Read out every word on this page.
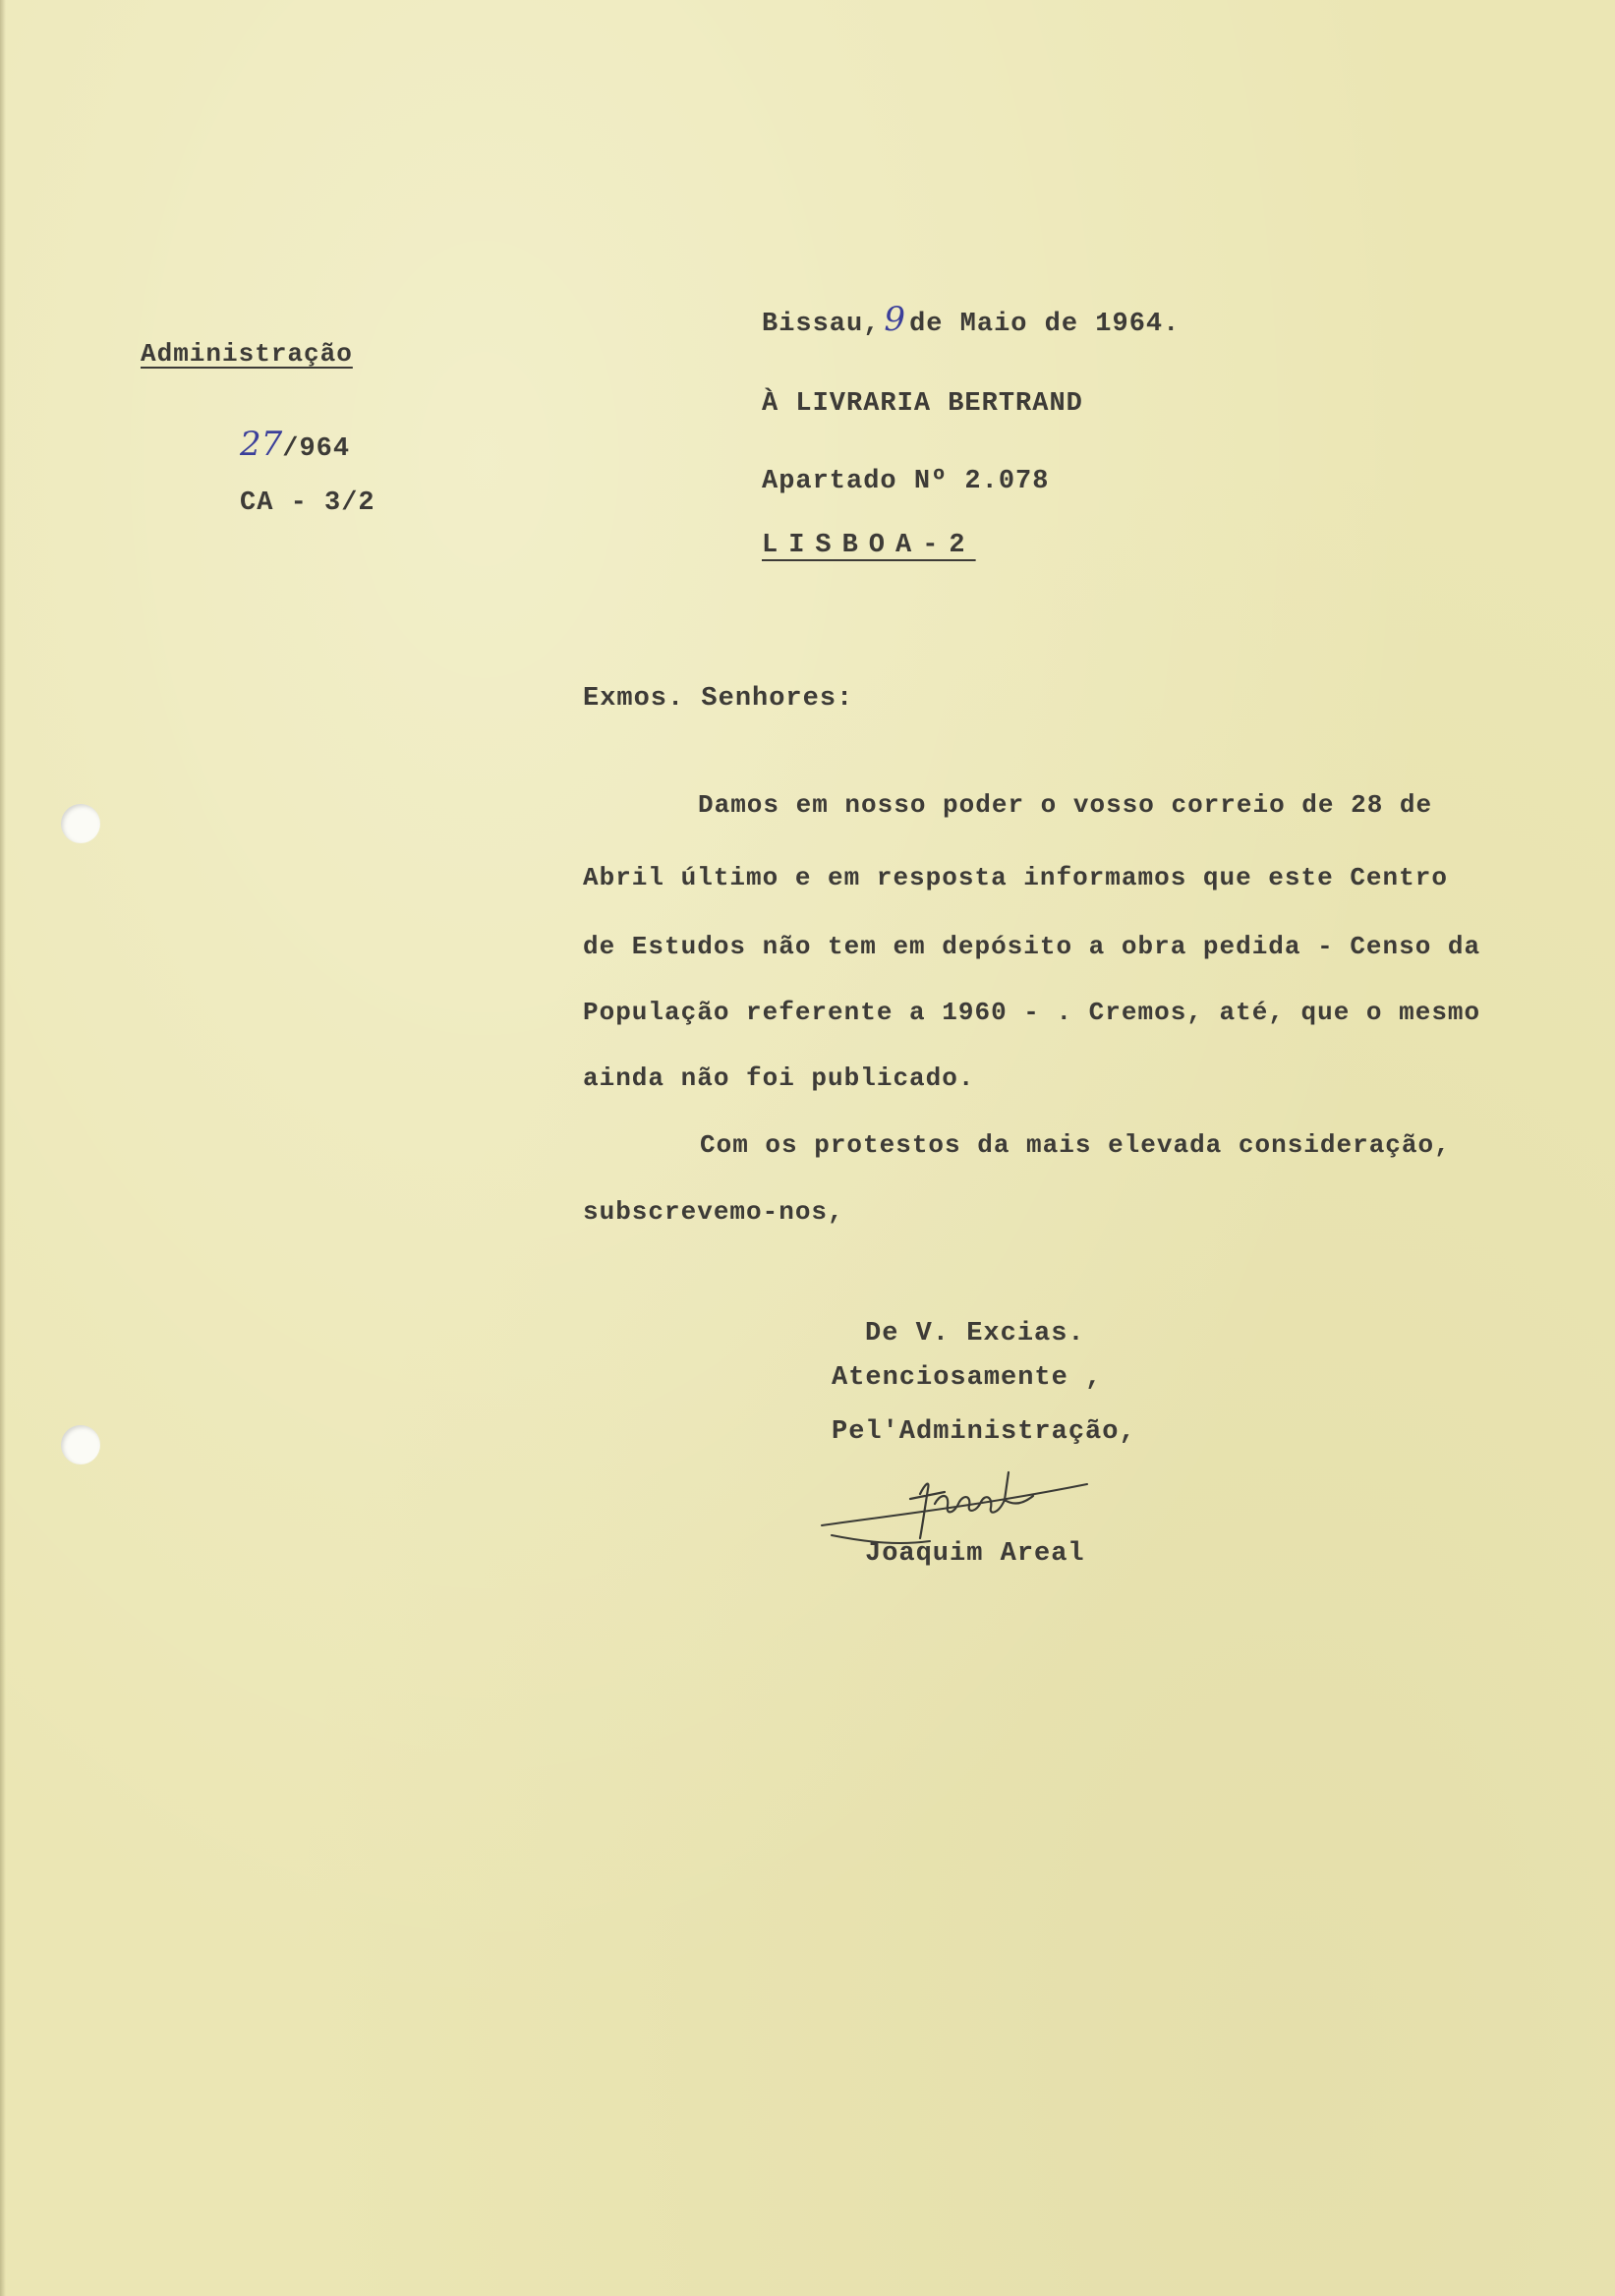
Administração
27/964
CA - 3/2
Bissau, 9 de Maio de 1964.
À LIVRARIA BERTRAND
Apartado Nº 2.078
LISBOA-2
Exmos. Senhores:
Damos em nosso poder o vosso correio de 28 de
Abril último e em resposta informamos que este Centro
de Estudos não tem em depósito a obra pedida - Censo da
População referente a 1960 - . Cremos, até, que o mesmo
ainda não foi publicado.
Com os protestos da mais elevada consideração,
subscrevemo-nos,
De V. Excias.
Atenciosamente ,
Pel'Administração,
Joaquim Areal
